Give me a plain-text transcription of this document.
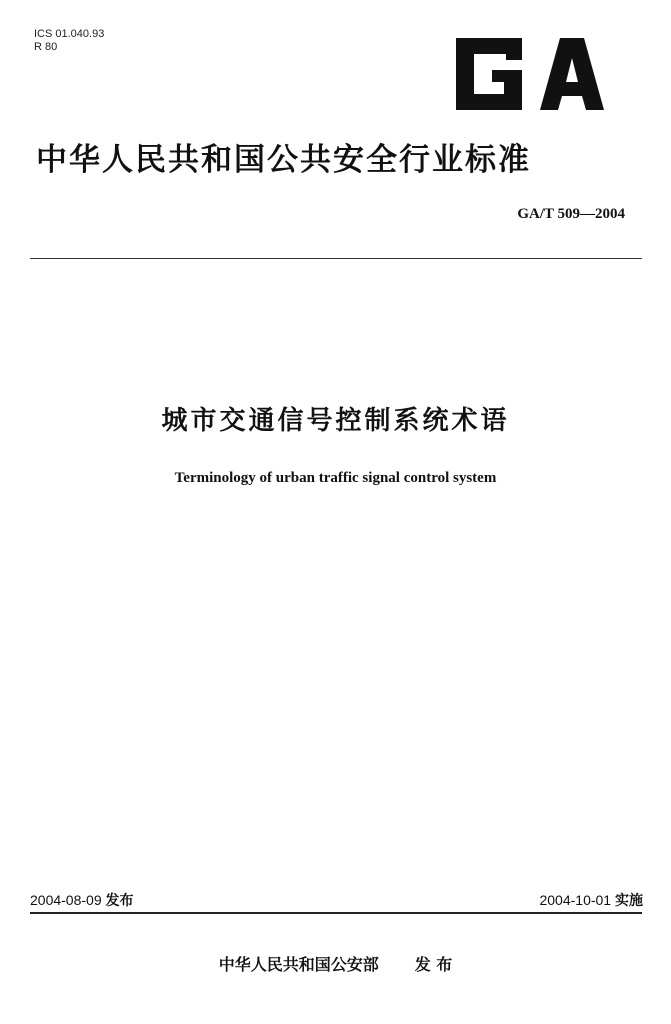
ICS 01.040.93
R 80
中华人民共和国公共安全行业标准
GA/T 509—2004
城市交通信号控制系统术语
Terminology of urban traffic signal control system
2004-08-09 发布	2004-10-01 实施
中华人民共和国公安部 发 布
